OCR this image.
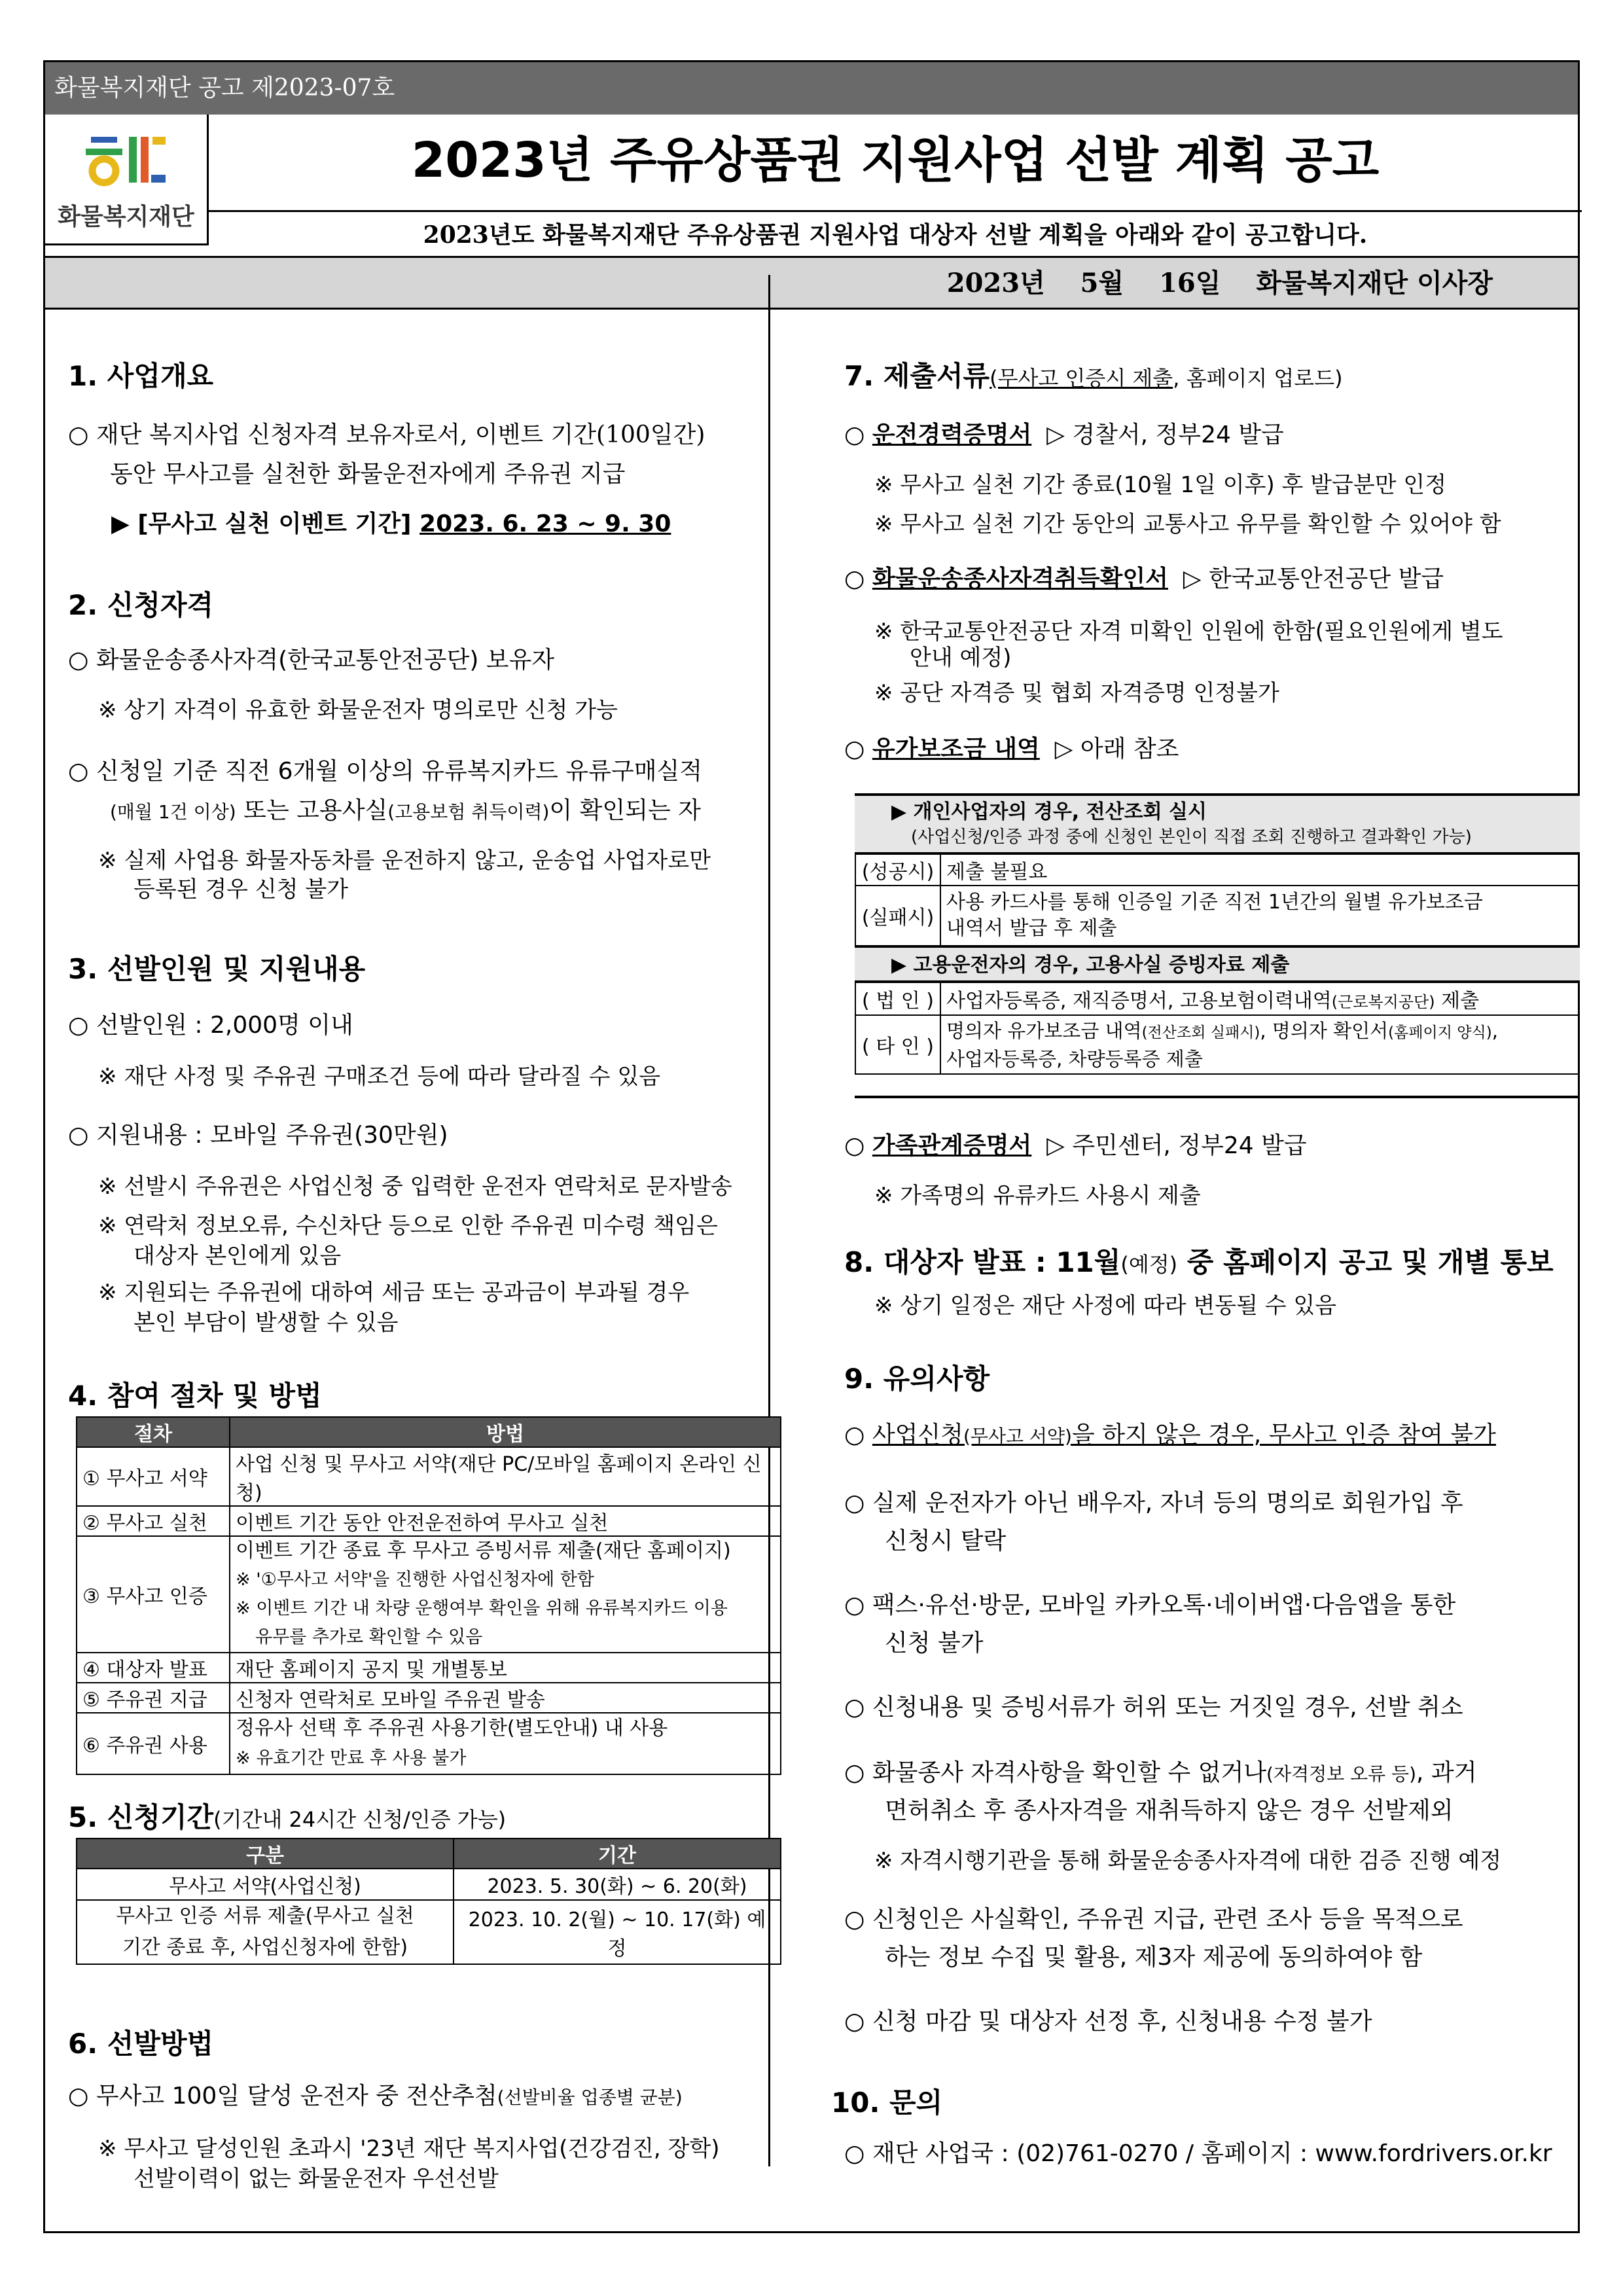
화물복지재단 공고 제2023-07호
화물복지재단
2023년 주유상품권 지원사업 선발 계획 공고
2023년도 화물복지재단 주유상품권 지원사업 대상자 선발 계획을 아래와 같이 공고합니다.
2023년 5월 16일 화물복지재단 이사장
1. 사업개요
○ 재단 복지사업 신청자격 보유자로서, 이벤트 기간(100일간)
동안 무사고를 실천한 화물운전자에게 주유권 지급
▶ [무사고 실천 이벤트 기간] 2023. 6. 23 ~ 9. 30
2. 신청자격
○ 화물운송종사자격(한국교통안전공단) 보유자
※ 상기 자격이 유효한 화물운전자 명의로만 신청 가능
○ 신청일 기준 직전 6개월 이상의 유류복지카드 유류구매실적
(매월 1건 이상) 또는 고용사실(고용보험 취득이력)이 확인되는 자
※ 실제 사업용 화물자동차를 운전하지 않고, 운송업 사업자로만
등록된 경우 신청 불가
3. 선발인원 및 지원내용
○ 선발인원 : 2,000명 이내
※ 재단 사정 및 주유권 구매조건 등에 따라 달라질 수 있음
○ 지원내용 : 모바일 주유권(30만원)
※ 선발시 주유권은 사업신청 중 입력한 운전자 연락처로 문자발송
※ 연락처 정보오류, 수신차단 등으로 인한 주유권 미수령 책임은
대상자 본인에게 있음
※ 지원되는 주유권에 대하여 세금 또는 공과금이 부과될 경우
본인 부담이 발생할 수 있음
4. 참여 절차 및 방법
절차	방법
① 무사고 서약	사업 신청 및 무사고 서약(재단 PC/모바일 홈페이지 온라인 신청)
② 무사고 실천	이벤트 기간 동안 안전운전하여 무사고 실천
③ 무사고 인증	이벤트 기간 종료 후 무사고 증빙서류 제출(재단 홈페이지)
※ '①무사고 서약'을 진행한 사업신청자에 한함
※ 이벤트 기간 내 차량 운행여부 확인을 위해 유류복지카드 이용
유무를 추가로 확인할 수 있음

④ 대상자 발표	재단 홈페이지 공지 및 개별통보
⑤ 주유권 지급	신청자 연락처로 모바일 주유권 발송
⑥ 주유권 사용	정유사 선택 후 주유권 사용기한(별도안내) 내 사용
※ 유효기간 만료 후 사용 불가
5. 신청기간(기간내 24시간 신청/인증 가능)
구분	기간
무사고 서약(사업신청)	2023. 5. 30(화) ~ 6. 20(화)

무사고 인증 서류 제출(무사고 실천
기간 종료 후, 사업신청자에 한함)	2023. 10. 2(월) ~ 10. 17(화) 예정
6. 선발방법
○ 무사고 100일 달성 운전자 중 전산추첨(선발비율 업종별 균분)
※ 무사고 달성인원 초과시 '23년 재단 복지사업(건강검진, 장학)
선발이력이 없는 화물운전자 우선선발
7. 제출서류(무사고 인증시 제출, 홈페이지 업로드)
○ 운전경력증명서 ▷ 경찰서, 정부24 발급
※ 무사고 실천 기간 종료(10월 1일 이후) 후 발급분만 인정
※ 무사고 실천 기간 동안의 교통사고 유무를 확인할 수 있어야 함
○ 화물운송종사자격취득확인서 ▷ 한국교통안전공단 발급
※ 한국교통안전공단 자격 미확인 인원에 한함(필요인원에게 별도
안내 예정)
※ 공단 자격증 및 협회 자격증명 인정불가
○ 유가보조금 내역 ▷ 아래 참조
▶ 개인사업자의 경우, 전산조회 실시
(사업신청/인증 과정 중에 신청인 본인이 직접 조회 진행하고 결과확인 가능)
(성공시)	제출 불필요
(실패시)	사용 카드사를 통해 인증일 기준 직전 1년간의 월별 유가보조금
내역서 발급 후 제출
▶ 고용운전자의 경우, 고용사실 증빙자료 제출
( 법 인 )	사업자등록증, 재직증명서, 고용보험이력내역(근로복지공단) 제출
( 타 인 )	명의자 유가보조금 내역(전산조회 실패시), 명의자 확인서(홈페이지 양식),
사업자등록증, 차량등록증 제출
○ 가족관계증명서 ▷ 주민센터, 정부24 발급
※ 가족명의 유류카드 사용시 제출
8. 대상자 발표 : 11월(예정) 중 홈페이지 공고 및 개별 통보
※ 상기 일정은 재단 사정에 따라 변동될 수 있음
9. 유의사항
○ 사업신청(무사고 서약)을 하지 않은 경우, 무사고 인증 참여 불가
○ 실제 운전자가 아닌 배우자, 자녀 등의 명의로 회원가입 후
신청시 탈락
○ 팩스·유선·방문, 모바일 카카오톡·네이버앱·다음앱을 통한
신청 불가
○ 신청내용 및 증빙서류가 허위 또는 거짓일 경우, 선발 취소
○ 화물종사 자격사항을 확인할 수 없거나(자격정보 오류 등), 과거
면허취소 후 종사자격을 재취득하지 않은 경우 선발제외
※ 자격시행기관을 통해 화물운송종사자격에 대한 검증 진행 예정
○ 신청인은 사실확인, 주유권 지급, 관련 조사 등을 목적으로
하는 정보 수집 및 활용, 제3자 제공에 동의하여야 함
○ 신청 마감 및 대상자 선정 후, 신청내용 수정 불가
10. 문의
○ 재단 사업국 : (02)761-0270 / 홈페이지 : www.fordrivers.or.kr
